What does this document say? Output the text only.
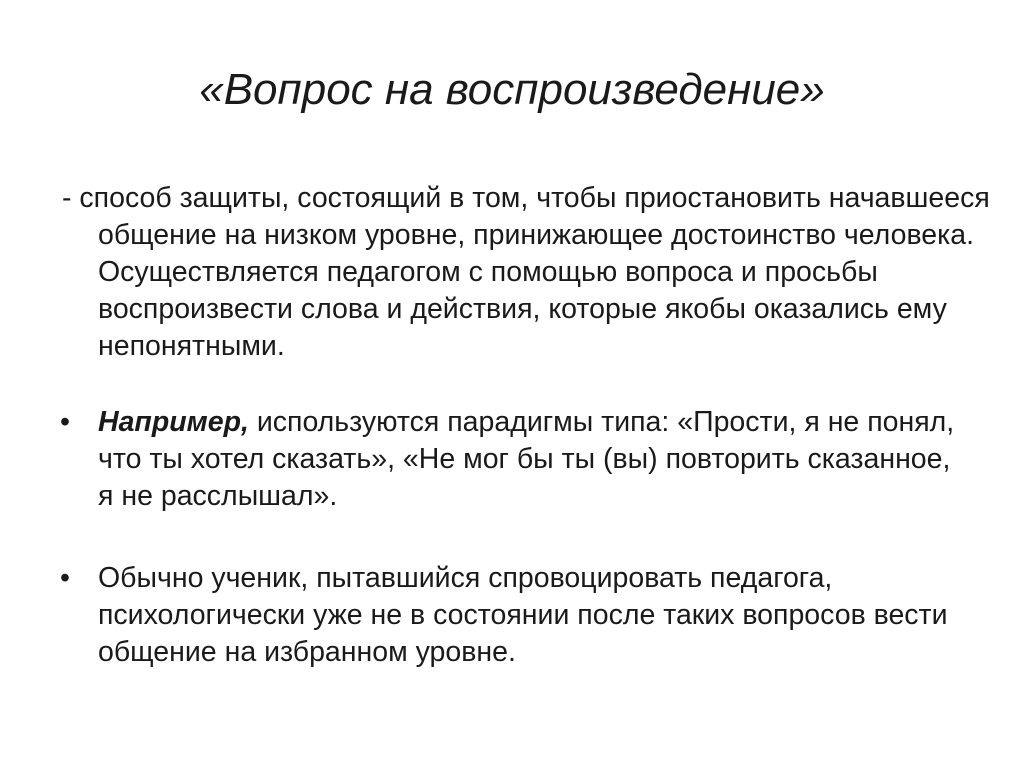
«Вопрос на воспроизведение»
- способ защиты, состоящий в том, чтобы приостановить начавшееся общение на низком уровне, принижающее достоинство человека. Осуществляется педагогом с помощью вопроса и просьбы воспроизвести слова и действия, которые якобы оказались ему непонятными.
• Например, используются парадигмы типа: «Прости, я не понял, что ты хотел сказать», «Не мог бы ты (вы) повторить сказанное, я не расслышал».
• Обычно ученик, пытавшийся спровоцировать педагога, психологически уже не в состоянии после таких вопросов вести общение на избранном уровне.
